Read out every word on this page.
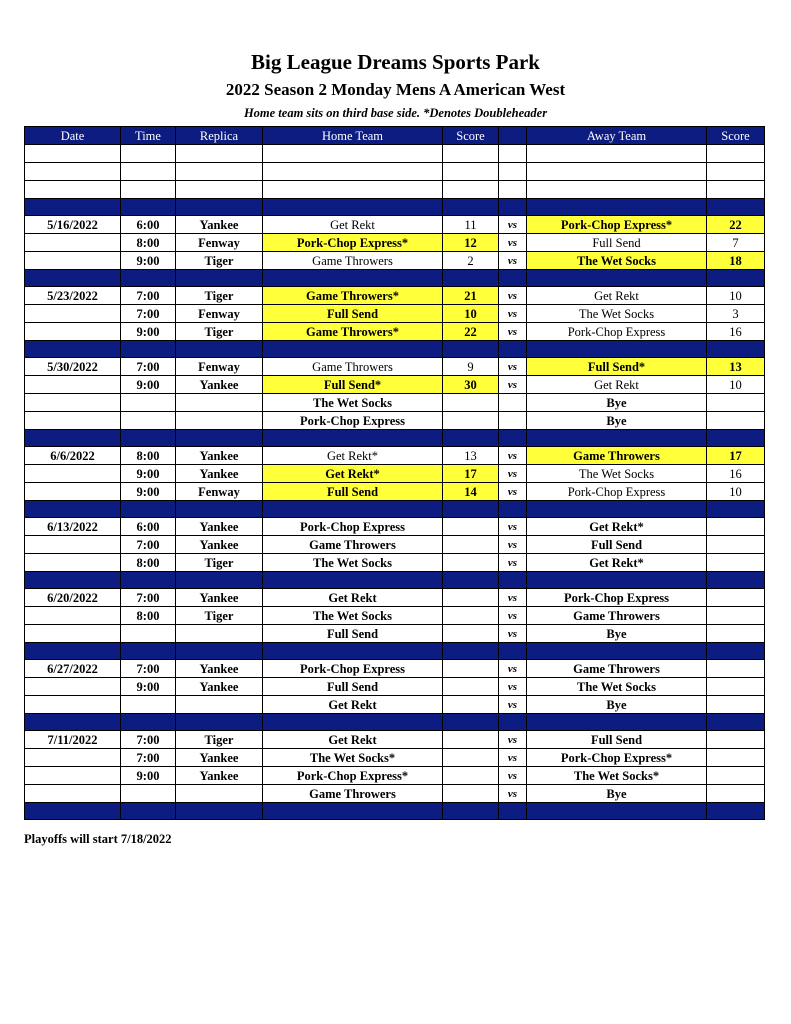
Big League Dreams Sports Park
2022 Season 2 Monday Mens A American West
Home team sits on third base side. *Denotes Doubleheader
Date	Time	Replica	Home Team	Score		Away Team	Score

5/16/2022	6:00	Yankee	Get Rekt	11	vs	Pork-Chop Express*	22
	8:00	Fenway	Pork-Chop Express*	12	vs	Full Send	7
	9:00	Tiger	Game Throwers	2	vs	The Wet Socks	18

5/23/2022	7:00	Tiger	Game Throwers*	21	vs	Get Rekt	10
	7:00	Fenway	Full Send	10	vs	The Wet Socks	3
	9:00	Tiger	Game Throwers*	22	vs	Pork-Chop Express	16

5/30/2022	7:00	Fenway	Game Throwers	9	vs	Full Send*	13
	9:00	Yankee	Full Send*	30	vs	Get Rekt	10
			The Wet Socks			Bye	
			Pork-Chop Express			Bye	

6/6/2022	8:00	Yankee	Get Rekt*	13	vs	Game Throwers	17
	9:00	Yankee	Get Rekt*	17	vs	The Wet Socks	16
	9:00	Fenway	Full Send	14	vs	Pork-Chop Express	10

6/13/2022	6:00	Yankee	Pork-Chop Express		vs	Get Rekt*	
	7:00	Yankee	Game Throwers		vs	Full Send	
	8:00	Tiger	The Wet Socks		vs	Get Rekt*	

6/20/2022	7:00	Yankee	Get Rekt		vs	Pork-Chop Express	
	8:00	Tiger	The Wet Socks		vs	Game Throwers	
			Full Send		vs	Bye	

6/27/2022	7:00	Yankee	Pork-Chop Express		vs	Game Throwers	
	9:00	Yankee	Full Send		vs	The Wet Socks	
			Get Rekt		vs	Bye	

7/11/2022	7:00	Tiger	Get Rekt		vs	Full Send	
	7:00	Yankee	The Wet Socks*		vs	Pork-Chop Express*	
	9:00	Yankee	Pork-Chop Express*		vs	The Wet Socks*	
			Game Throwers		vs	Bye	

Playoffs will start 7/18/2022
